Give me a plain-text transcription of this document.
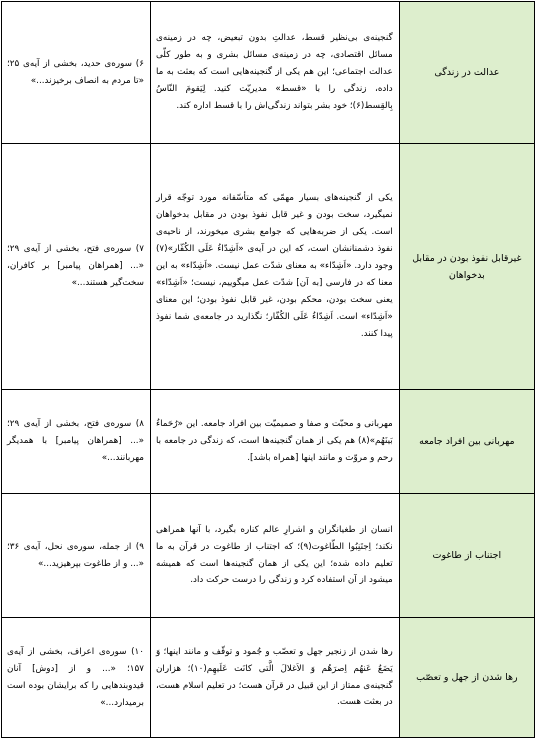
عدالت در زندگی	گنجینه‌ی بی‌نظیر قسط، عدالتِ بدون تبعیض، چه در زمینه‌ی مسائل اقتصادی، چه در زمینه‌ی مسائل بشری و به طور کلّی عدالت اجتماعی؛ این هم یکی از گنجینه‌هایی است که بعثت به ما داده، زندگی را با «قسط» مدیریّت کنید. لِيَقومَ النّاسُ بِالقِسط(۶)؛ خود بشر بتواند زندگی‌اش را با قسط اداره کند.	۶) سوره‌ی حدید، بخشی از آیه‌ی ۲۵؛ «تا مردم به انصاف برخیزند...»
غیرقابل نفوذ بودن در مقابل بدخواهان	یکی از گنجینه‌های بسیار مهمّی که متأسّفانه مورد توجّه قرار نمیگیرد، سخت بودن و غیر قابل نفوذ بودن در مقابل بدخواهان است. یکی از ضربه‌هایی که جوامع بشری میخورند، از ناحیه‌ی نفوذ دشمنانشان است، که این در آیه‌ی «اَشِدّاءُ عَلَی الکُفّار»(۷) وجود دارد. «اَشِدّاء» به معنای شدّت عمل نیست. «اَشِدّاء» به این معنا که در فارسی [به آن] شدّت عمل میگوییم، نیست؛ «اَشِدّاء» یعنی سخت بودن، محکم بودن، غیر قابل نفوذ بودن؛ این معنای «اَشِدّاء» است. اَشِدّاءُ عَلَی الکُفّار؛ نگذارید در جامعه‌ی شما نفوذ پیدا کنند.	۷) سوره‌ی فتح، بخشی از آیه‌ی ۲۹؛ «... [همراهان پیامبر] بر کافران، سخت‌گیر هستند...»
مهربانی بین افراد جامعه	مهربانی و محبّت و صفا و صمیمیّت بین افراد جامعه. این «رُحَماءُ بَینَهُم»(۸) هم یکی از همان گنجینه‌ها است، که زندگی در جامعه با رحم و مروّت و مانند اینها [همراه باشد].	۸) سوره‌ی فتح، بخشی از آیه‌ی ۲۹؛ «... [همراهان پیامبر] با همدیگر مهربانند...»
اجتناب از طاغوت	انسان از طغیانگران و اشرارِ عالم کناره بگیرد، با آنها همراهی نکند؛ اِجتَنِبُوا الطّاغوت(۹)؛ که اجتناب از طاغوت در قرآن به ما تعلیم داده شده؛ این یکی از همان گنجینه‌ها است که همیشه میشود از آن استفاده کرد و زندگی را درست حرکت داد.	۹) از جمله، سوره‌ی نحل، آیه‌ی ۳۶؛ «... و از طاغوت بپرهیزید...»
رها شدن از جهل و تعصّب	رها شدن از زنجیر جهل و تعصّب و جُمود و توقّف و مانند اینها؛ وَ يَضَعُ عَنهُم اِصرَهُم وَ الاَغلالَ الَّتی کانَت عَلَیهِم(۱۰)؛ هزاران گنجینه‌ی ممتاز از این قبیل در قرآن هست؛ در تعلیم اسلام هست، در بعثت هست.	۱۰) سوره‌ی اعراف، بخشی از آیه‌ی ۱۵۷؛ «... و از [دوش] آنان قیدوبندهایی را که برایشان بوده است برمیدارد...»
